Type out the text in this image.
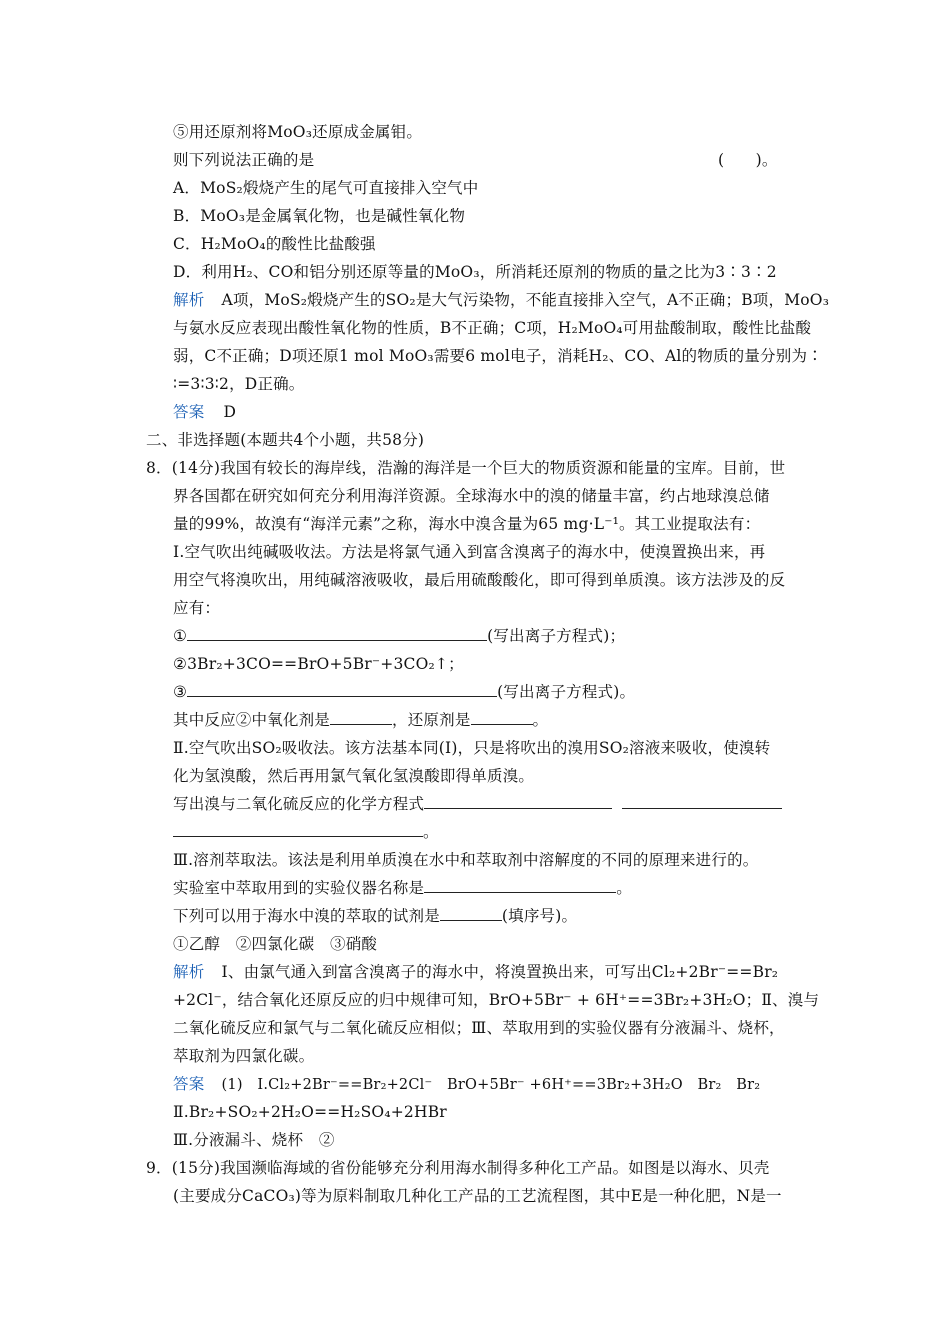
⑤用还原剂将MoO₃还原成金属钼。
则下列说法正确的是	(　　)。
A．MoS₂煅烧产生的尾气可直接排入空气中
B．MoO₃是金属氧化物，也是碱性氧化物
C．H₂MoO₄的酸性比盐酸强
D．利用H₂、CO和铝分别还原等量的MoO₃，所消耗还原剂的物质的量之比为3∶3∶2
解析 A项，MoS₂煅烧产生的SO₂是大气污染物，不能直接排入空气，A不正确；B项，MoO₃
与氨水反应表现出酸性氧化物的性质，B不正确；C项，H₂MoO₄可用盐酸制取，酸性比盐酸
弱，C不正确；D项还原1 mol MoO₃需要6 mol电子，消耗H₂、CO、Al的物质的量分别为∶
∶=3∶3∶2，D正确。
答案 D
二、非选择题(本题共4个小题，共58分)
8．(14分)我国有较长的海岸线，浩瀚的海洋是一个巨大的物质资源和能量的宝库。目前，世
界各国都在研究如何充分利用海洋资源。全球海水中的溴的储量丰富，约占地球溴总储
量的99%，故溴有“海洋元素”之称，海水中溴含量为65 mg·L⁻¹。其工业提取法有：
Ⅰ.空气吹出纯碱吸收法。方法是将氯气通入到富含溴离子的海水中，使溴置换出来，再
用空气将溴吹出，用纯碱溶液吸收，最后用硫酸酸化，即可得到单质溴。该方法涉及的反
应有：
①	(写出离子方程式)；
②3Br₂+3CO==BrO+5Br⁻+3CO₂↑；
③	(写出离子方程式)。
其中反应②中氧化剂是	，还原剂是	。
Ⅱ.空气吹出SO₂吸收法。该方法基本同(Ⅰ)，只是将吹出的溴用SO₂溶液来吸收，使溴转
化为氢溴酸，然后再用氯气氧化氢溴酸即得单质溴。
写出溴与二氧化硫反应的化学方程式
。
Ⅲ.溶剂萃取法。该法是利用单质溴在水中和萃取剂中溶解度的不同的原理来进行的。
实验室中萃取用到的实验仪器名称是	。
下列可以用于海水中溴的萃取的试剂是	(填序号)。
①乙醇　②四氯化碳　③硝酸
解析 Ⅰ、由氯气通入到富含溴离子的海水中，将溴置换出来，可写出Cl₂+2Br⁻==Br₂
+2Cl⁻，结合氧化还原反应的归中规律可知，BrO+5Br⁻ + 6H⁺==3Br₂+3H₂O；Ⅱ、溴与
二氧化硫反应和氯气与二氧化硫反应相似；Ⅲ、萃取用到的实验仪器有分液漏斗、烧杯，
萃取剂为四氯化碳。
答案 (1)　Ⅰ.Cl₂+2Br⁻==Br₂+2Cl⁻　BrO+5Br⁻ +6H⁺==3Br₂+3H₂O　Br₂　Br₂
Ⅱ.Br₂+SO₂+2H₂O==H₂SO₄+2HBr
Ⅲ.分液漏斗、烧杯　②
9．(15分)我国濒临海域的省份能够充分利用海水制得多种化工产品。如图是以海水、贝壳
(主要成分CaCO₃)等为原料制取几种化工产品的工艺流程图，其中E是一种化肥，N是一
